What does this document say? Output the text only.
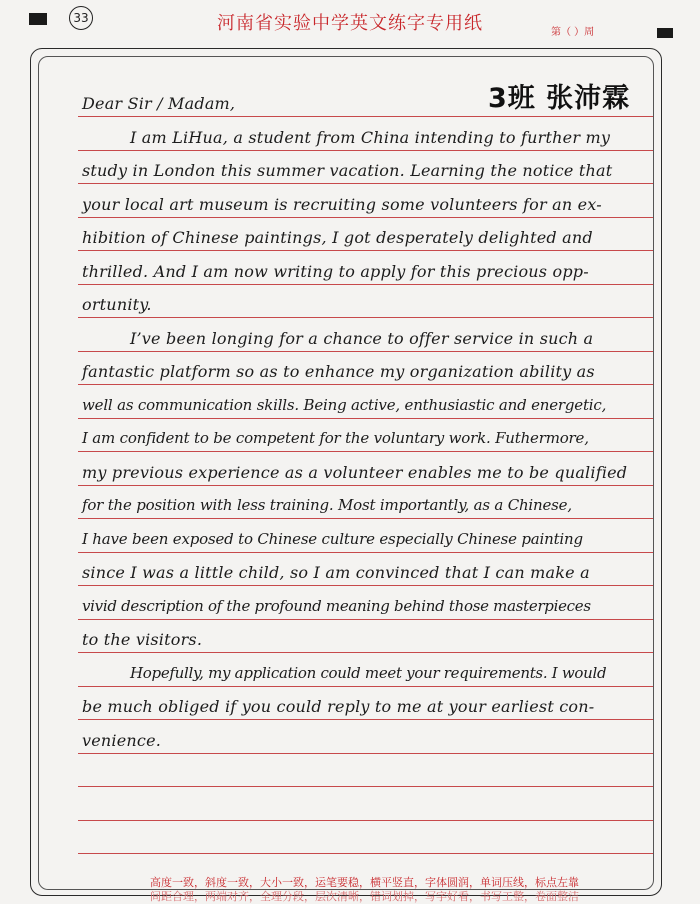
33	河南省实验中学英文练字专用纸	第（ ）周
3班 张沛霖
Dear Sir / Madam,
I am LiHua, a student from China intending to further my
study in London this summer vacation. Learning the notice that
your local art museum is recruiting some volunteers for an ex-
hibition of Chinese paintings, I got desperately delighted and
thrilled. And I am now writing to apply for this precious opp-
ortunity.
I’ve been longing for a chance to offer service in such a
fantastic platform so as to enhance my organization ability as
well as communication skills. Being active, enthusiastic and energetic,
I am confident to be competent for the voluntary work. Futhermore,
my previous experience as a volunteer enables me to be qualified
for the position with less training. Most importantly, as a Chinese,
I have been exposed to Chinese culture especially Chinese painting
since I was a little child, so I am convinced that I can make a
vivid description of the profound meaning behind those masterpieces
to the visitors.
Hopefully, my application could meet your requirements. I would
be much obliged if you could reply to me at your earliest con-
venience.
高度一致，斜度一致，大小一致，运笔要稳，横平竖直，字体圆润，单词压线，标点左靠
间距合理，两端对齐，全理分段，层次清晰，错词划掉，写字好看，书写工整，卷面整洁
